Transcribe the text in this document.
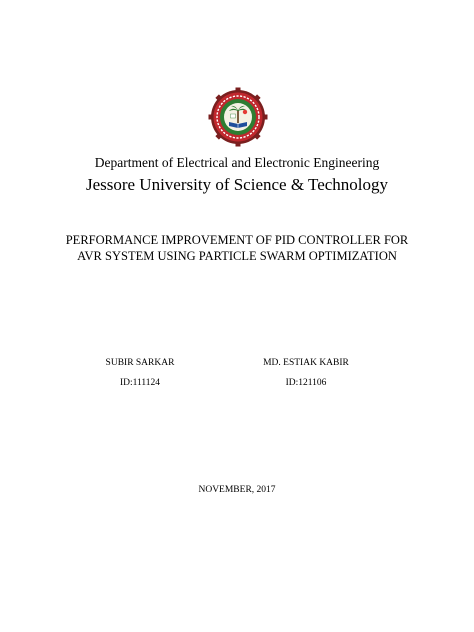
Department of Electrical and Electronic Engineering
Jessore University of Science & Technology
PERFORMANCE IMPROVEMENT OF PID CONTROLLER FOR
AVR SYSTEM USING PARTICLE SWARM OPTIMIZATION
SUBIR SARKAR	MD. ESTIAK KABIR
ID:111124	ID:121106
NOVEMBER, 2017
